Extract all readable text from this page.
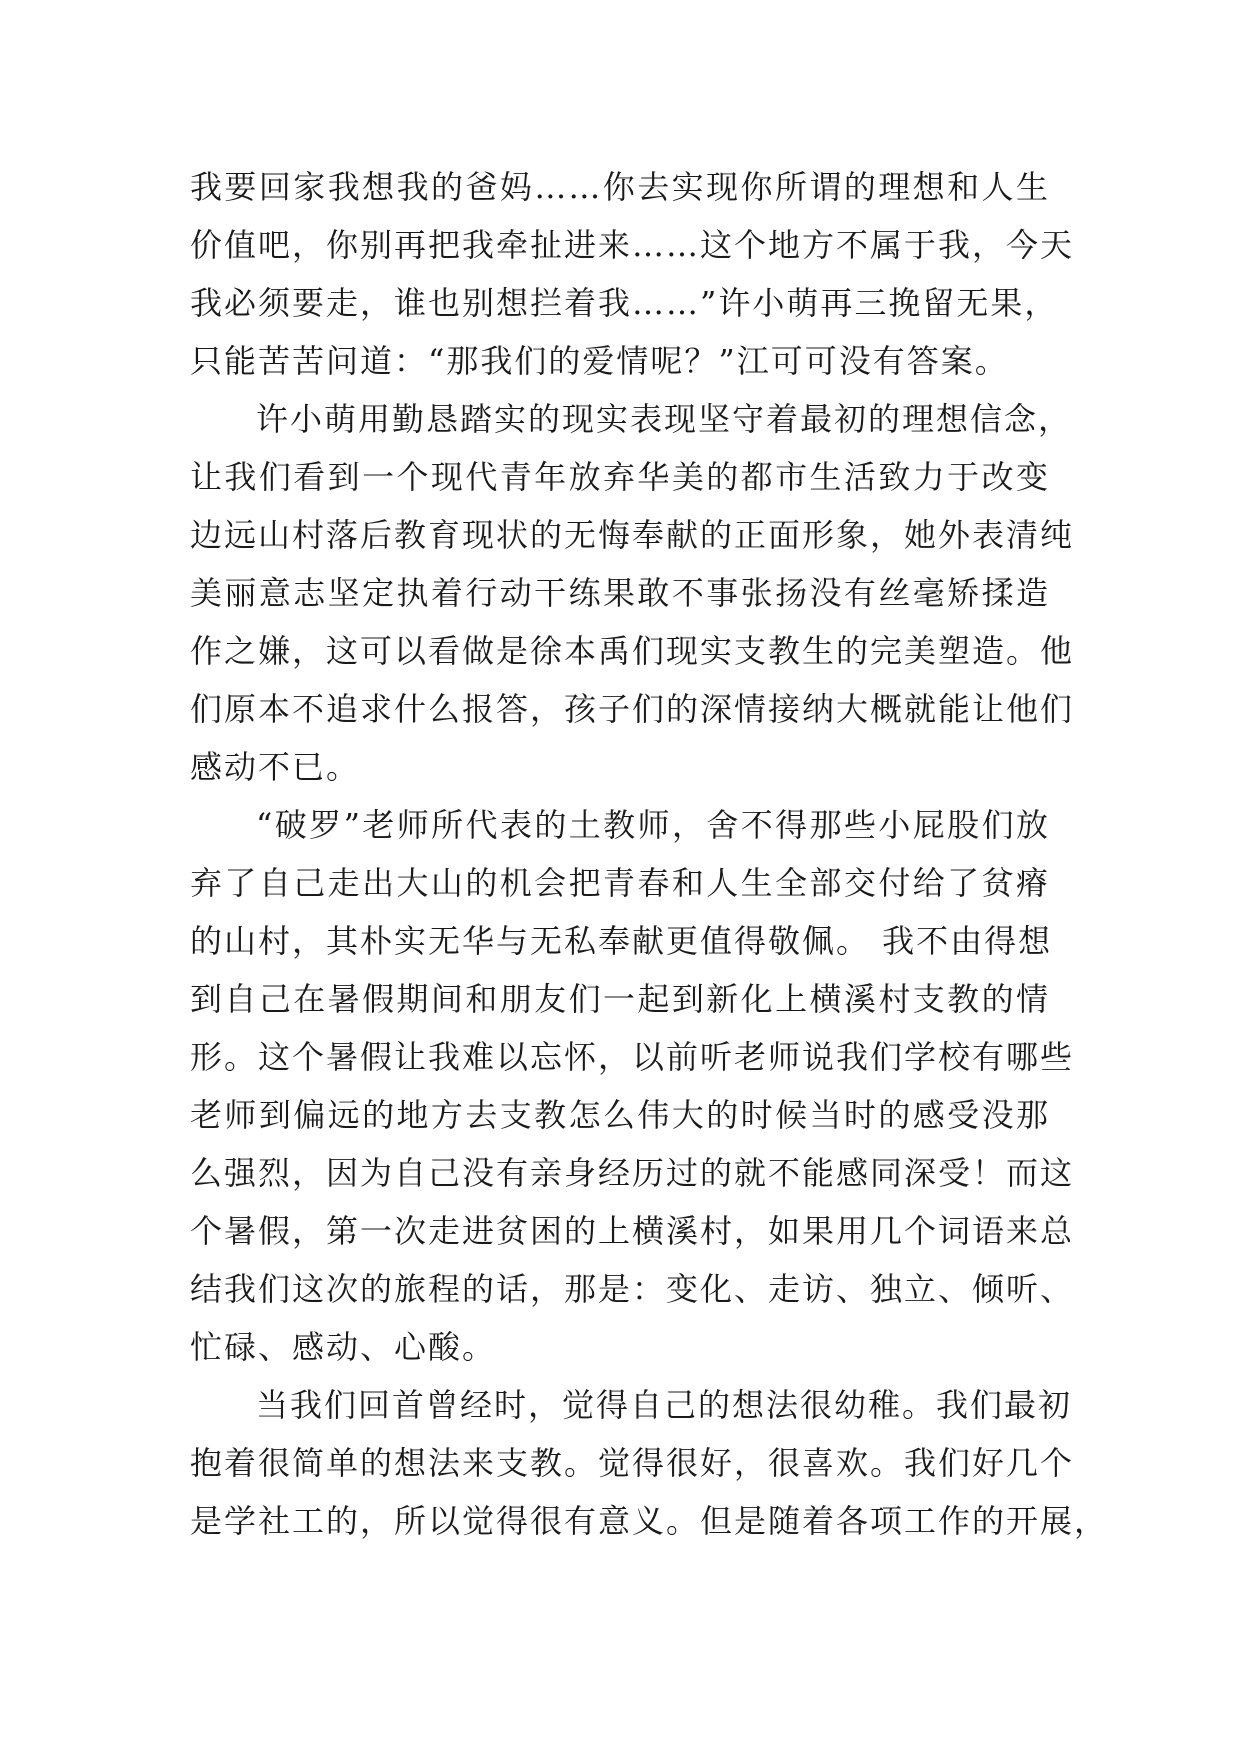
我要回家我想我的爸妈……你去实现你所谓的理想和人生
价值吧，你别再把我牵扯进来……这个地方不属于我，今天
我必须要走，谁也别想拦着我……”许小萌再三挽留无果，
只能苦苦问道：“那我们的爱情呢？”江可可没有答案。
许小萌用勤恳踏实的现实表现坚守着最初的理想信念，
让我们看到一个现代青年放弃华美的都市生活致力于改变
边远山村落后教育现状的无悔奉献的正面形象，她外表清纯
美丽意志坚定执着行动干练果敢不事张扬没有丝毫矫揉造
作之嫌，这可以看做是徐本禹们现实支教生的完美塑造。他
们原本不追求什么报答，孩子们的深情接纳大概就能让他们
感动不已。
“破罗”老师所代表的土教师，舍不得那些小屁股们放
弃了自己走出大山的机会把青春和人生全部交付给了贫瘠
的山村，其朴实无华与无私奉献更值得敬佩。 我不由得想
到自己在暑假期间和朋友们一起到新化上横溪村支教的情
形。这个暑假让我难以忘怀，以前听老师说我们学校有哪些
老师到偏远的地方去支教怎么伟大的时候当时的感受没那
么强烈，因为自己没有亲身经历过的就不能感同深受！而这
个暑假，第一次走进贫困的上横溪村，如果用几个词语来总
结我们这次的旅程的话，那是：变化、走访、独立、倾听、
忙碌、感动、心酸。
当我们回首曾经时，觉得自己的想法很幼稚。我们最初
抱着很简单的想法来支教。觉得很好，很喜欢。我们好几个
是学社工的，所以觉得很有意义。但是随着各项工作的开展，
